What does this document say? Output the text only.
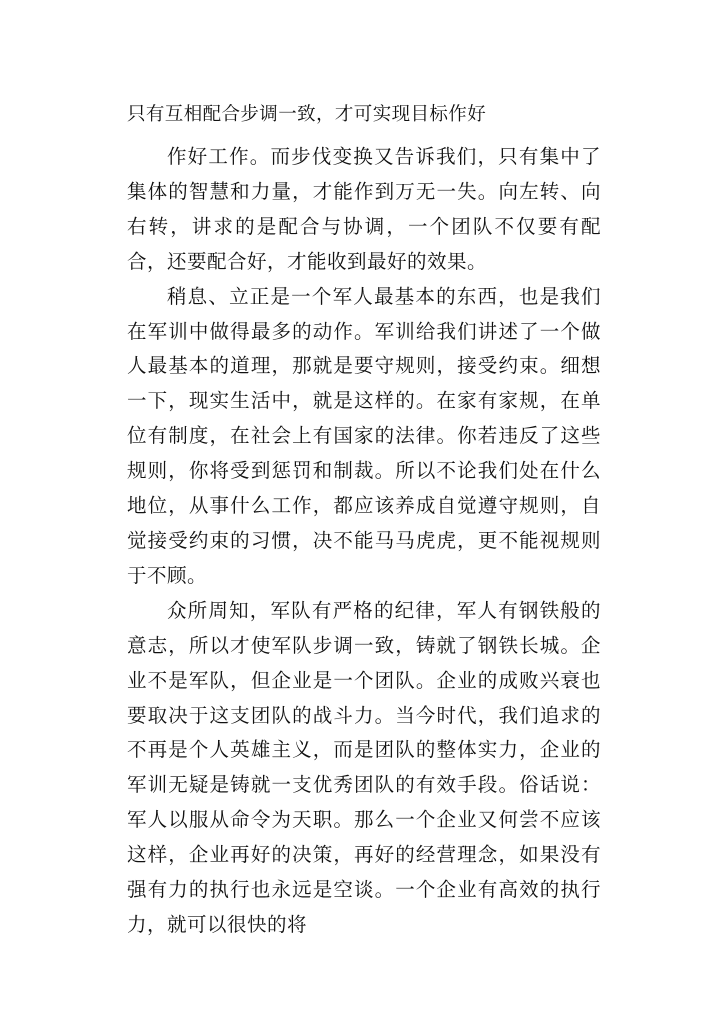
只有互相配合步调一致，才可实现目标作好

作好工作。而步伐变换又告诉我们，只有集中了集体的智慧和力量，才能作到万无一失。向左转、向右转，讲求的是配合与协调，一个团队不仅要有配合，还要配合好，才能收到最好的效果。

稍息、立正是一个军人最基本的东西，也是我们在军训中做得最多的动作。军训给我们讲述了一个做人最基本的道理，那就是要守规则，接受约束。细想一下，现实生活中，就是这样的。在家有家规，在单位有制度，在社会上有国家的法律。你若违反了这些规则，你将受到惩罚和制裁。所以不论我们处在什么地位，从事什么工作，都应该养成自觉遵守规则，自觉接受约束的习惯，决不能马马虎虎，更不能视规则于不顾。

众所周知，军队有严格的纪律，军人有钢铁般的意志，所以才使军队步调一致，铸就了钢铁长城。企业不是军队，但企业是一个团队。企业的成败兴衰也要取决于这支团队的战斗力。当今时代，我们追求的不再是个人英雄主义，而是团队的整体实力，企业的军训无疑是铸就一支优秀团队的有效手段。俗话说：军人以服从命令为天职。那么一个企业又何尝不应该这样，企业再好的决策，再好的经营理念，如果没有强有力的执行也永远是空谈。一个企业有高效的执行力，就可以很快的将
